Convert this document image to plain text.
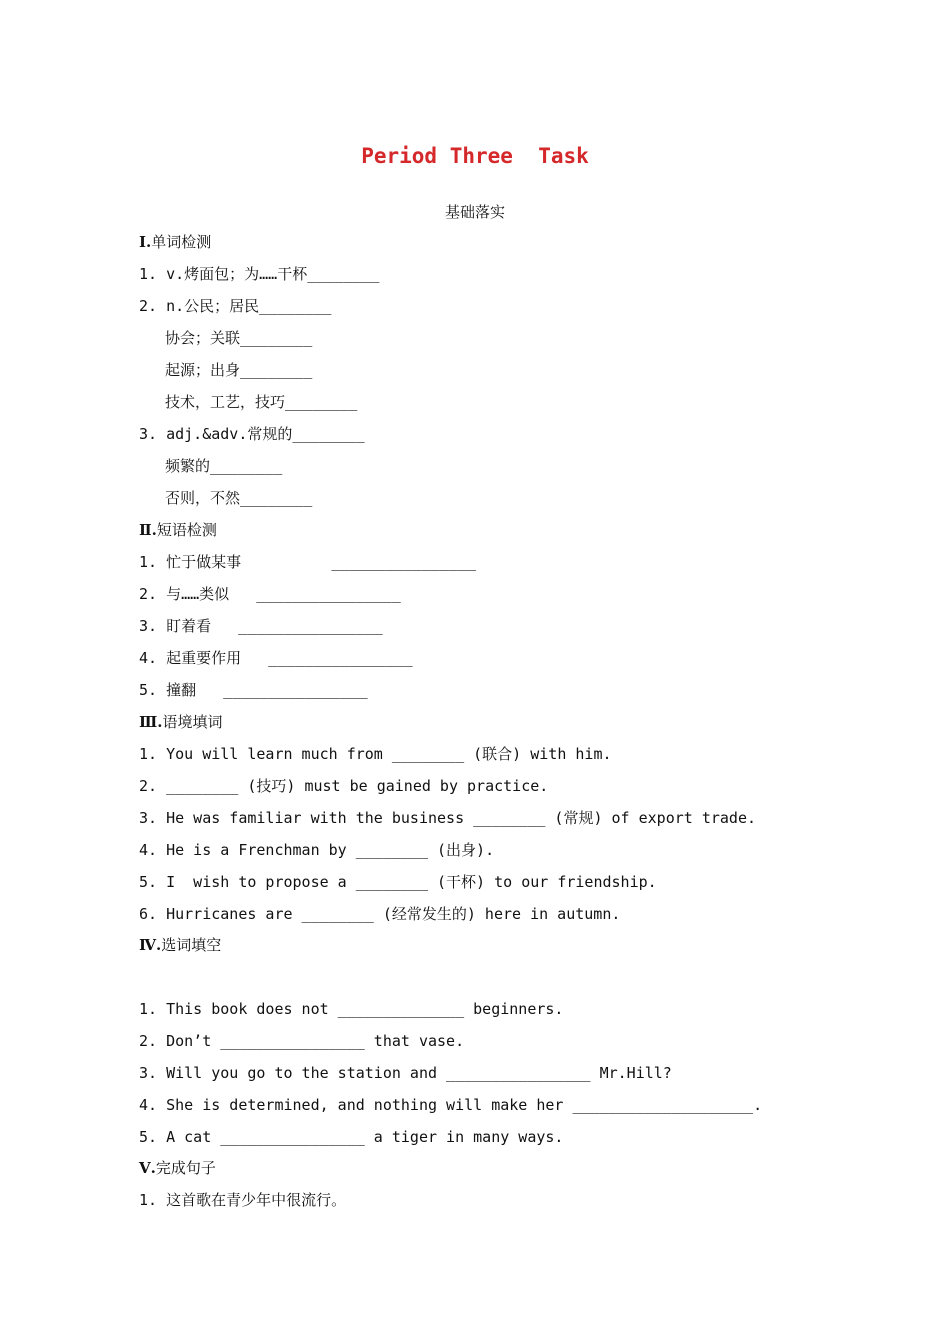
Period Three  Task
基础落实
Ⅰ.单词检测
1. v.烤面包；为……干杯________
2. n.公民；居民________
协会；关联________
起源；出身________
技术，工艺，技巧________
3. adj.&adv.常规的________
频繁的________
否则，不然________
Ⅱ.短语检测
1. 忙于做某事          ________________
2. 与……类似   ________________
3. 盯着看   ________________
4. 起重要作用   ________________
5. 撞翻   ________________
Ⅲ.语境填词
1. You will learn much from ________ (联合) with him.
2. ________ (技巧) must be gained by practice.
3. He was familiar with the business ________ (常规) of export trade.
4. He is a Frenchman by ________ (出身).
5. I  wish to propose a ________ (干杯) to our friendship.
6. Hurricanes are ________ (经常发生的) here in autumn.
Ⅳ.选词填空
1. This book does not ______________ beginners.
2. Don’t ________________ that vase.
3. Will you go to the station and ________________ Mr.Hill?
4. She is determined, and nothing will make her ____________________.
5. A cat ________________ a tiger in many ways.
Ⅴ.完成句子
1. 这首歌在青少年中很流行。
